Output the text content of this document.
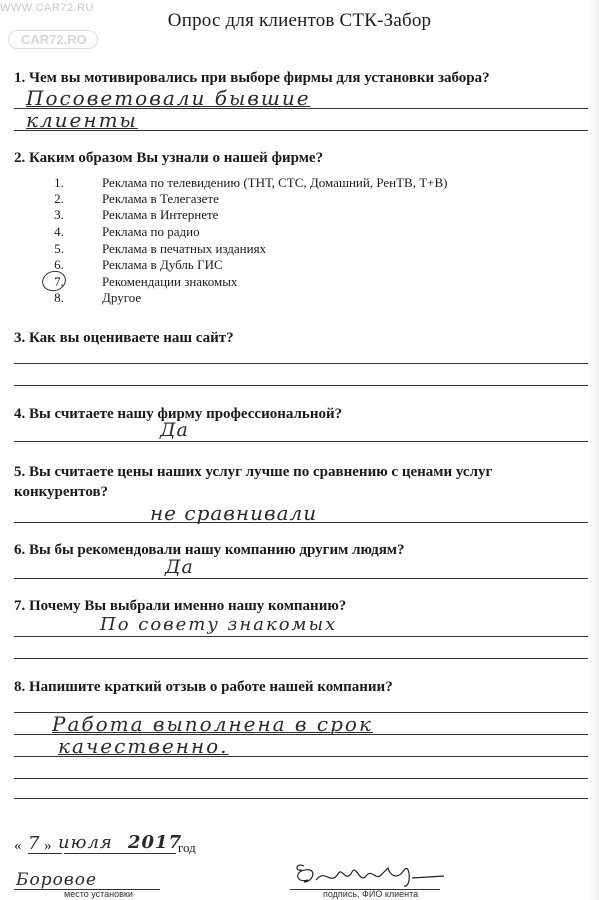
WWW.CAR72.RU
CAR72.RO
Опрос для клиентов СТК-Забор
1. Чем вы мотивировались при выборе фирмы для установки забора?
Посоветовали бывшие
клиенты
2. Каким образом Вы узнали о нашей фирме?
1.	Реклама по телевидению (ТНТ, СТС, Домашний, РенТВ, Т+В)
2.	Реклама в Телегазете
3.	Реклама в Интернете
4.	Реклама по радио
5.	Реклама в печатных изданиях
6.	Реклама в Дубль ГИС
7.	Рекомендации знакомых
8.	Другое
3. Как вы оцениваете наш сайт?
4. Вы считаете нашу фирму профессиональной?
Да
5. Вы считаете цены наших услуг лучше по сравнению с ценами услуг
конкурентов?
не сравнивали
6. Вы бы рекомендовали нашу компанию другим людям?
Да
7. Почему Вы выбрали именно нашу компанию?
По совету знакомых
8. Напишите краткий отзыв о работе нашей компании?
Работа выполнена в срок
качественно.
« 7 » июля 2017
год
Боровое
место установки	подпись, ФИО клиента
